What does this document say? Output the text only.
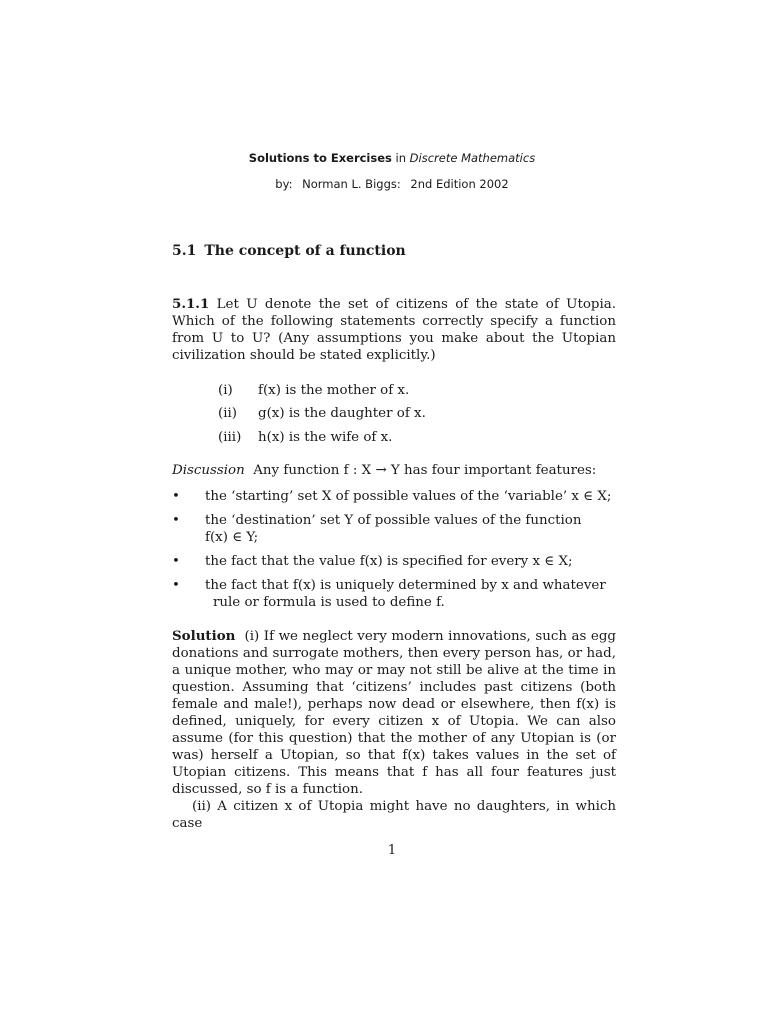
Solutions to Exercises in Discrete Mathematics
by: Norman L. Biggs: 2nd Edition 2002
5.1 The concept of a function

5.1.1 Let U denote the set of citizens of the state of Utopia. Which of the following statements correctly specify a function from U to U? (Any assumptions you make about the Utopian civilization should be stated explicitly.)

(i) f(x) is the mother of x.
(ii) g(x) is the daughter of x.
(iii) h(x) is the wife of x.

Discussion Any function f : X → Y has four important features:

• the ‘starting’ set X of possible values of the ‘variable’ x ∈ X;
• the ‘destination’ set Y of possible values of the function
f(x) ∈ Y;
• the fact that the value f(x) is specified for every x ∈ X;
• the fact that f(x) is uniquely determined by x and whatever
rule or formula is used to define f.

Solution (i) If we neglect very modern innovations, such as egg donations and surrogate mothers, then every person has, or had, a unique mother, who may or may not still be alive at the time in question. Assuming that ‘citizens’ includes past citizens (both female and male!), perhaps now dead or elsewhere, then f(x) is defined, uniquely, for every citizen x of Utopia. We can also assume (for this question) that the mother of any Utopian is (or was) herself a Utopian, so that f(x) takes values in the set of Utopian citizens. This means that f has all four features just discussed, so f is a function.

(ii) A citizen x of Utopia might have no daughters, in which case

1
